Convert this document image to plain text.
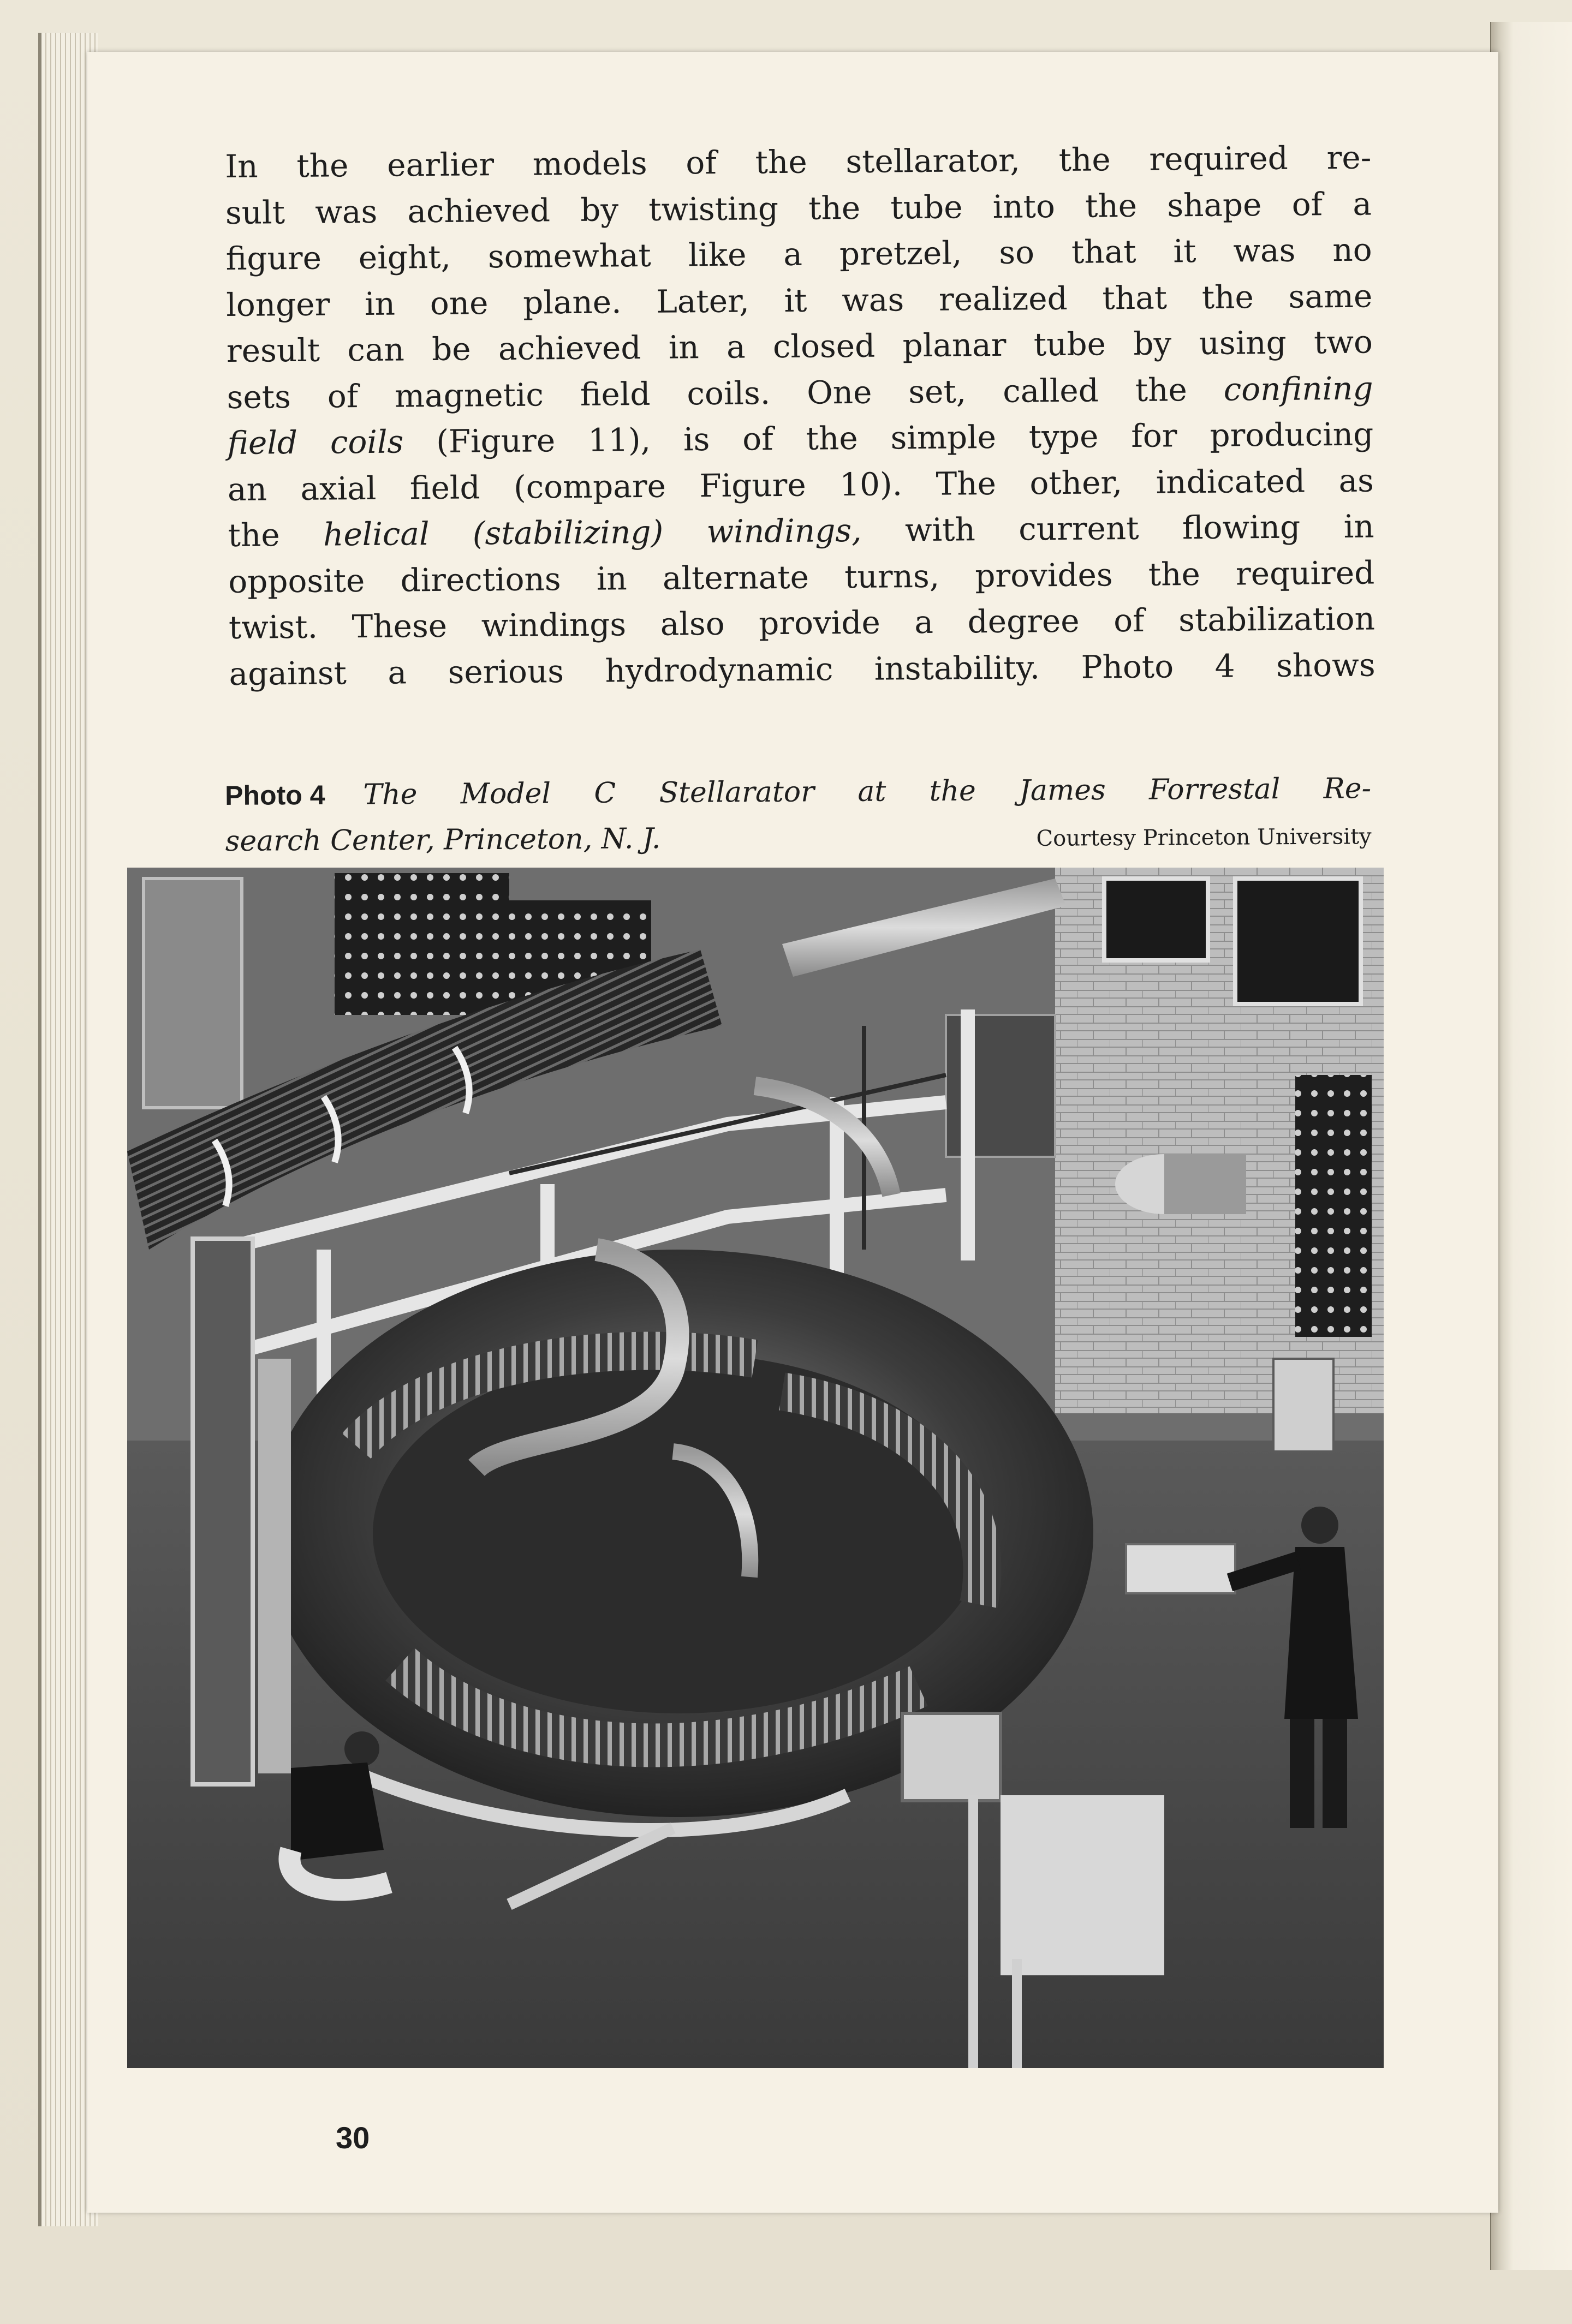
In the earlier models of the stellarator, the required re-
sult was achieved by twisting the tube into the shape of a
figure eight, somewhat like a pretzel, so that it was no
longer in one plane. Later, it was realized that the same
result can be achieved in a closed planar tube by using two
sets of magnetic field coils. One set, called the confining
field coils (Figure 11), is of the simple type for producing
an axial field (compare Figure 10). The other, indicated as
the helical (stabilizing) windings, with current flowing in
opposite directions in alternate turns, provides the required
twist. These windings also provide a degree of stabilization
against a serious hydrodynamic instability. Photo 4 shows

Photo 4 The Model C Stellarator at the James Forrestal Re-
search Center, Princeton, N. J.	Courtesy Princeton University
30
